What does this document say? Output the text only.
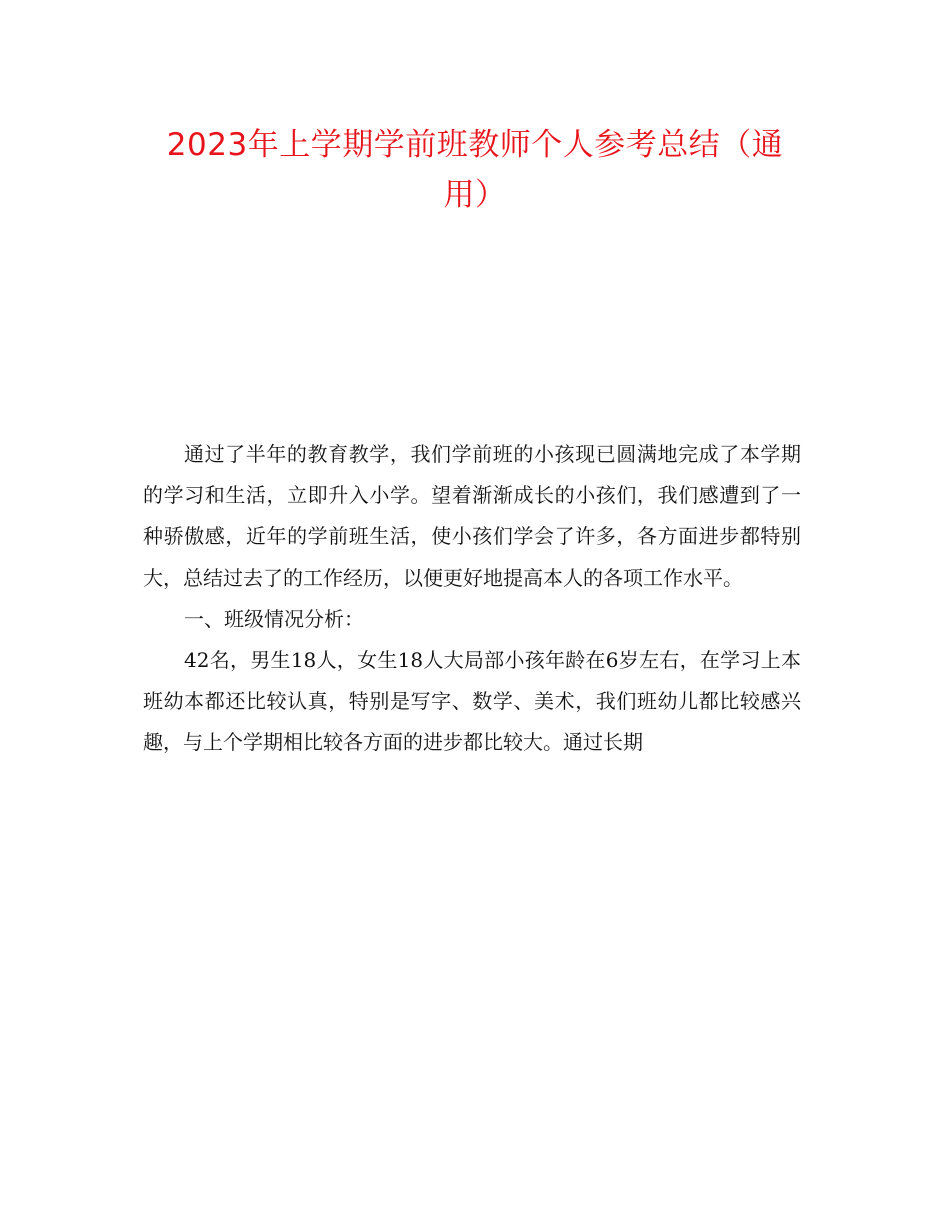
2023年上学期学前班教师个人参考总结（通用）

通过了半年的教育教学，我们学前班的小孩现已圆满地完成了本学期的学习和生活，立即升入小学。望着渐渐成长的小孩们，我们感遭到了一种骄傲感，近年的学前班生活，使小孩们学会了许多，各方面进步都特别大，总结过去了的工作经历，以便更好地提高本人的各项工作水平。

一、班级情况分析：

42名，男生18人，女生18人大局部小孩年龄在6岁左右，在学习上本班幼本都还比较认真，特别是写字、数学、美术，我们班幼儿都比较感兴趣，与上个学期相比较各方面的进步都比较大。通过长期
